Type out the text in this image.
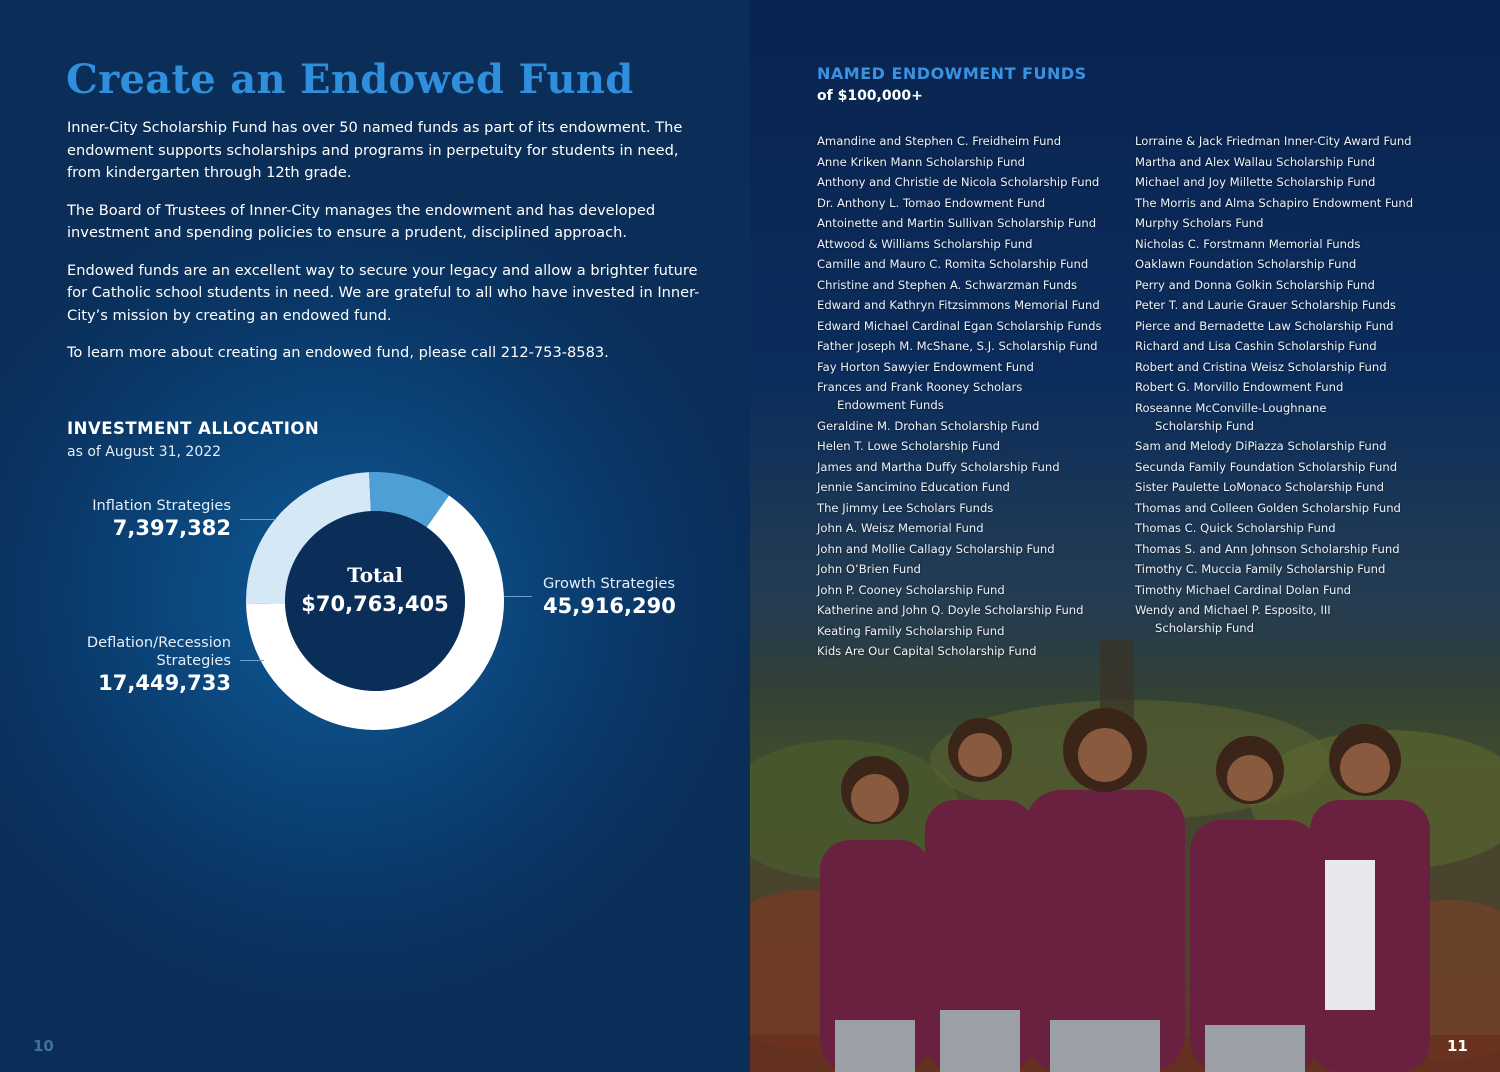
Create an Endowed Fund

Inner-City Scholarship Fund has over 50 named funds as part of its endowment. The endowment supports scholarships and programs in perpetuity for students in need, from kindergarten through 12th grade.

The Board of Trustees of Inner-City manages the endowment and has developed investment and spending policies to ensure a prudent, disciplined approach.

Endowed funds are an excellent way to secure your legacy and allow a brighter future for Catholic school students in need. We are grateful to all who have invested in Inner-City’s mission by creating an endowed fund.

To learn more about creating an endowed fund, please call 212-753-8583.

INVESTMENT ALLOCATION
as of August 31, 2022
Total
$70,763,405
Inflation Strategies
7,397,382
Deflation/Recession
Strategies
17,449,733
Growth Strategies
45,916,290
10
NAMED ENDOWMENT FUNDS
of $100,000+
Amandine and Stephen C. Freidheim Fund
Anne Kriken Mann Scholarship Fund
Anthony and Christie de Nicola Scholarship Fund
Dr. Anthony L. Tomao Endowment Fund
Antoinette and Martin Sullivan Scholarship Fund
Attwood & Williams Scholarship Fund
Camille and Mauro C. Romita Scholarship Fund
Christine and Stephen A. Schwarzman Funds
Edward and Kathryn Fitzsimmons Memorial Fund
Edward Michael Cardinal Egan Scholarship Funds
Father Joseph M. McShane, S.J. Scholarship Fund
Fay Horton Sawyier Endowment Fund
Frances and Frank Rooney Scholars Endowment Funds
Geraldine M. Drohan Scholarship Fund
Helen T. Lowe Scholarship Fund
James and Martha Duffy Scholarship Fund
Jennie Sancimino Education Fund
The Jimmy Lee Scholars Funds
John A. Weisz Memorial Fund
John and Mollie Callagy Scholarship Fund
John O’Brien Fund
John P. Cooney Scholarship Fund
Katherine and John Q. Doyle Scholarship Fund
Keating Family Scholarship Fund
Kids Are Our Capital Scholarship Fund
Lorraine & Jack Friedman Inner-City Award Fund
Martha and Alex Wallau Scholarship Fund
Michael and Joy Millette Scholarship Fund
The Morris and Alma Schapiro Endowment Fund
Murphy Scholars Fund
Nicholas C. Forstmann Memorial Funds
Oaklawn Foundation Scholarship Fund
Perry and Donna Golkin Scholarship Fund
Peter T. and Laurie Grauer Scholarship Funds
Pierce and Bernadette Law Scholarship Fund
Richard and Lisa Cashin Scholarship Fund
Robert and Cristina Weisz Scholarship Fund
Robert G. Morvillo Endowment Fund
Roseanne McConville-Loughnane Scholarship Fund
Sam and Melody DiPiazza Scholarship Fund
Secunda Family Foundation Scholarship Fund
Sister Paulette LoMonaco Scholarship Fund
Thomas and Colleen Golden Scholarship Fund
Thomas C. Quick Scholarship Fund
Thomas S. and Ann Johnson Scholarship Fund
Timothy C. Muccia Family Scholarship Fund
Timothy Michael Cardinal Dolan Fund
Wendy and Michael P. Esposito, III Scholarship Fund
11
